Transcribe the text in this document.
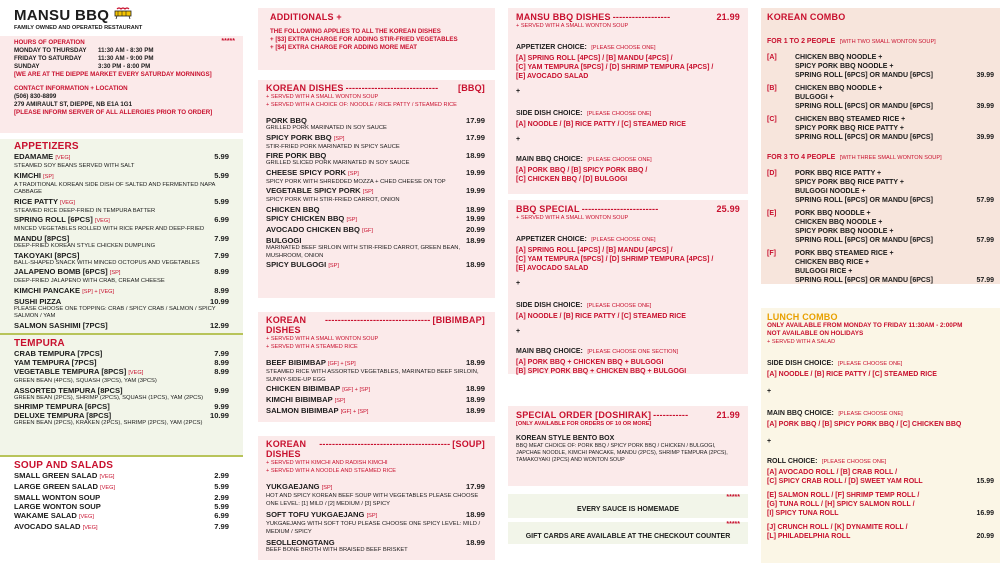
MANSU BBQ
FAMILY OWNED AND OPERATED RESTAURANT
*****
HOURS OF OPERATION
MONDAY TO THURSDAY	11:30 AM - 8:30 PM
FRIDAY TO SATURDAY	11:30 AM - 9:00 PM
SUNDAY	3:30 PM - 8:00 PM
[WE ARE AT THE DIEPPE MARKET EVERY SATURDAY MORNINGS]
CONTACT INFORMATION + LOCATION
(506) 830-8899
279 AMIRAULT ST, DIEPPE, NB E1A 1G1
[PLEASE INFORM SERVER OF ALL ALLERGIES PRIOR TO ORDER]
APPETIZERS
EDAMAME [VEG]	5.99
STEAMED SOY BEANS SERVED WITH SALT
KIMCHI [SP]	5.99
A TRADITIONAL KOREAN SIDE DISH OF SALTED AND FERMENTED NAPA CABBAGE
RICE PATTY [VEG]	5.99
STEAMED RICE DEEP-FRIED IN TEMPURA BATTER
SPRING ROLL [6PCS] [VEG]	6.99
MINCED VEGETABLES ROLLED WITH RICE PAPER AND DEEP-FRIED
MANDU [8PCS]	7.99
DEEP-FRIED KOREAN STYLE CHICKEN DUMPLING
TAKOYAKI [8PCS]	7.99
BALL-SHAPED SNACK WITH MINCED OCTOPUS AND VEGETABLES
JALAPENO BOMB [6PCS] [SP]	8.99
DEEP-FRIED JALAPENO WITH CRAB, CREAM CHEESE
KIMCHI PANCAKE [SP] + [VEG]	8.99
SUSHI PIZZA	10.99
PLEASE CHOOSE ONE TOPPING: CRAB / SPICY CRAB / SALMON / SPICY SALMON / YAM
SALMON SASHIMI [7PCS]	12.99
TEMPURA
CRAB TEMPURA [7PCS]	7.99
YAM TEMPURA [7PCS]	8.99
VEGETABLE TEMPURA [8PCS] [VEG]	8.99
GREEN BEAN (4PCS), SQUASH (3PCS), YAM (3PCS)
ASSORTED TEMPURA [8PCS]	9.99
GREEN BEAN (2PCS), SHRIMP (2PCS), SQUASH (1PCS), YAM (2PCS)
SHRIMP TEMPURA [6PCS]	9.99
DELUXE TEMPURA [8PCS]	10.99
GREEN BEAN (2PCS), KRAKEN (2PCS), SHRIMP (2PCS), YAM (2PCS)
SOUP AND SALADS
SMALL GREEN SALAD [VEG]	2.99
LARGE GREEN SALAD [VEG]	5.99
SMALL WONTON SOUP	2.99
LARGE WONTON SOUP	5.99
WAKAME SALAD [VEG]	6.99
AVOCADO SALAD [VEG]	7.99
ADDITIONALS +
THE FOLLOWING APPLIES TO ALL THE KOREAN DISHES
+ [$3] EXTRA CHARGE FOR ADDING STIR-FRIED VEGETABLES
+ [$4] EXTRA CHARGE FOR ADDING MORE MEAT
KOREAN DISHES -----------------------------	[BBQ]
+ SERVED WITH A SMALL WONTON SOUP
+ SERVED WITH A CHOICE OF: NOODLE / RICE PATTY / STEAMED RICE
PORK BBQ	17.99
GRILLED PORK MARINATED IN SOY SAUCE
SPICY PORK BBQ [SP]	17.99
STIR-FRIED PORK MARINATED IN SPICY SAUCE
FIRE PORK BBQ	18.99
GRILLED SLICED PORK MARINATED IN SOY SAUCE
CHEESE SPICY PORK [SP]	19.99
SPICY PORK WITH SHREDDED MOZZA + CHED CHEESE ON TOP
VEGETABLE SPICY PORK [SP]	19.99
SPICY PORK WITH STIR-FRIED CARROT, ONION
CHICKEN BBQ	18.99
SPICY CHICKEN BBQ [SP]	19.99
AVOCADO CHICKEN BBQ [GF]	20.99
BULGOGI	18.99
MARINATED BEEF SIRLOIN WITH STIR-FRIED CARROT, GREEN BEAN, MUSHROOM, ONION
SPICY BULGOGI [SP]	18.99
KOREAN DISHES
--------------------------------- [BIBIMBAP]
+ SERVED WITH A SMALL WONTON SOUP
+ SERVED WITH A STEAMED RICE
BEEF BIBIMBAP [GF] + [SP]	18.99
STEAMED RICE WITH ASSORTED VEGETABLES, MARINATED BEEF SIRLOIN, SUNNY-SIDE-UP EGG
CHICKEN BIBIMBAP [GF] + [SP]	18.99
KIMCHI BIBIMBAP [SP]	18.99
SALMON BIBIMBAP [GF] + [SP]	18.99
KOREAN DISHES
----------------------------------------- [SOUP]
+ SERVED WITH KIMCHI AND RADISH KIMCHI
+ SERVED WITH A NOODLE AND STEAMED RICE
YUKGAEJANG [SP]	17.99
HOT AND SPICY KOREAN BEEF SOUP WITH VEGETABLES PLEASE CHOOSE ONE LEVEL: [1] MILD / [2] MEDIUM / [3] SPICY
SOFT TOFU YUKGAEJANG [SP]	18.99
YUKGAEJANG WITH SOFT TOFU PLEASE CHOOSE ONE SPICY LEVEL: MILD / MEDIUM / SPICY
SEOLLEONGTANG	18.99
BEEF BONE BROTH WITH BRAISED BEEF BRISKET
MANSU BBQ DISHES ------------------	21.99
+ SERVED WITH A SMALL WONTON SOUP
APPETIZER CHOICE: [PLEASE CHOOSE ONE]
[A] SPRING ROLL [4PCS] / [B] MANDU [4PCS] /
[C] YAM TEMPURA [5PCS] / [D] SHRIMP TEMPURA [4PCS] /
[E] AVOCADO SALAD
+
SIDE DISH CHOICE: [PLEASE CHOOSE ONE]
[A] NOODLE / [B] RICE PATTY / [C] STEAMED RICE
+
MAIN BBQ CHOICE: [PLEASE CHOOSE ONE]
[A] PORK BBQ / [B] SPICY PORK BBQ /
[C] CHICKEN BBQ / [D] BULGOGI
BBQ SPECIAL ------------------------	25.99
+ SERVED WITH A SMALL WONTON SOUP
APPETIZER CHOICE: [PLEASE CHOOSE ONE]
[A] SPRING ROLL [4PCS] / [B] MANDU [4PCS] /
[C] YAM TEMPURA [5PCS] / [D] SHRIMP TEMPURA [4PCS] /
[E] AVOCADO SALAD
+
SIDE DISH CHOICE: [PLEASE CHOOSE ONE]
[A] NOODLE / [B] RICE PATTY / [C] STEAMED RICE
+
MAIN BBQ CHOICE: [PLEASE CHOOSE ONE SECTION]
[A] PORK BBQ + CHICKEN BBQ + BULGOGI
[B] SPICY PORK BBQ + CHICKEN BBQ + BULGOGI
SPECIAL ORDER [DOSHIRAK] -----------	21.99
[ONLY AVAILABLE FOR ORDERS OF 10 OR MORE]
KOREAN STYLE BENTO BOX
BBQ MEAT CHOICE OF: PORK BBQ / SPICY PORK BBQ / CHICKEN / BULGOGI, JAPCHAE NOODLE, KIMCHI PANCAKE, MANDU (2PCS), SHRIMP TEMPURA (2PCS), TAMAKOYAKI (2PCS) AND WONTON SOUP
*****
EVERY SAUCE IS HOMEMADE
*****
GIFT CARDS ARE AVAILABLE AT THE CHECKOUT COUNTER
KOREAN COMBO
FOR 1 TO 2 PEOPLE [WITH TWO SMALL WONTON SOUP]
[A]	CHICKEN BBQ NOODLE +
SPICY PORK BBQ NOODLE +
SPRING ROLL [6PCS] OR MANDU [6PCS]	39.99
[B]	CHICKEN BBQ NOODLE +
BULGOGI +
SPRING ROLL [6PCS] OR MANDU [6PCS]	39.99
[C]	CHICKEN BBQ STEAMED RICE +
SPICY PORK BBQ RICE PATTY +
SPRING ROLL [6PCS] OR MANDU [6PCS]	39.99
FOR 3 TO 4 PEOPLE [WITH THREE SMALL WONTON SOUP]
[D]	PORK BBQ RICE PATTY +
SPICY PORK BBQ RICE PATTY +
BULGOGI NOODLE +
SPRING ROLL [6PCS] OR MANDU [6PCS]	57.99
[E]	PORK BBQ NOODLE +
CHICKEN BBQ NOODLE +
SPICY PORK BBQ NOODLE +
SPRING ROLL [6PCS] OR MANDU [6PCS]	57.99
[F]	PORK BBQ STEAMED RICE +
CHICKEN BBQ RICE +
BULGOGI RICE +
SPRING ROLL [6PCS] OR MANDU [6PCS]	57.99
LUNCH COMBO
ONLY AVAILABLE FROM MONDAY TO FRIDAY 11:30AM - 2:00PM
NOT AVAILABLE ON HOLIDAYS
+ SERVED WITH A SALAD
SIDE DISH CHOICE: [PLEASE CHOOSE ONE]
[A] NOODLE / [B] RICE PATTY / [C] STEAMED RICE
+
MAIN BBQ CHOICE: [PLEASE CHOOSE ONE]
[A] PORK BBQ / [B] SPICY PORK BBQ / [C] CHICKEN BBQ
+
ROLL CHOICE: [PLEASE CHOOSE ONE]
[A] AVOCADO ROLL / [B] CRAB ROLL /
[C] SPICY CRAB ROLL / [D] SWEET YAM ROLL	15.99
[E] SALMON ROLL / [F] SHRIMP TEMP ROLL /
[G] TUNA ROLL / [H] SPICY SALMON ROLL /
[I] SPICY TUNA ROLL	16.99
[J] CRUNCH ROLL / [K] DYNAMITE ROLL /
[L] PHILADELPHIA ROLL	20.99
